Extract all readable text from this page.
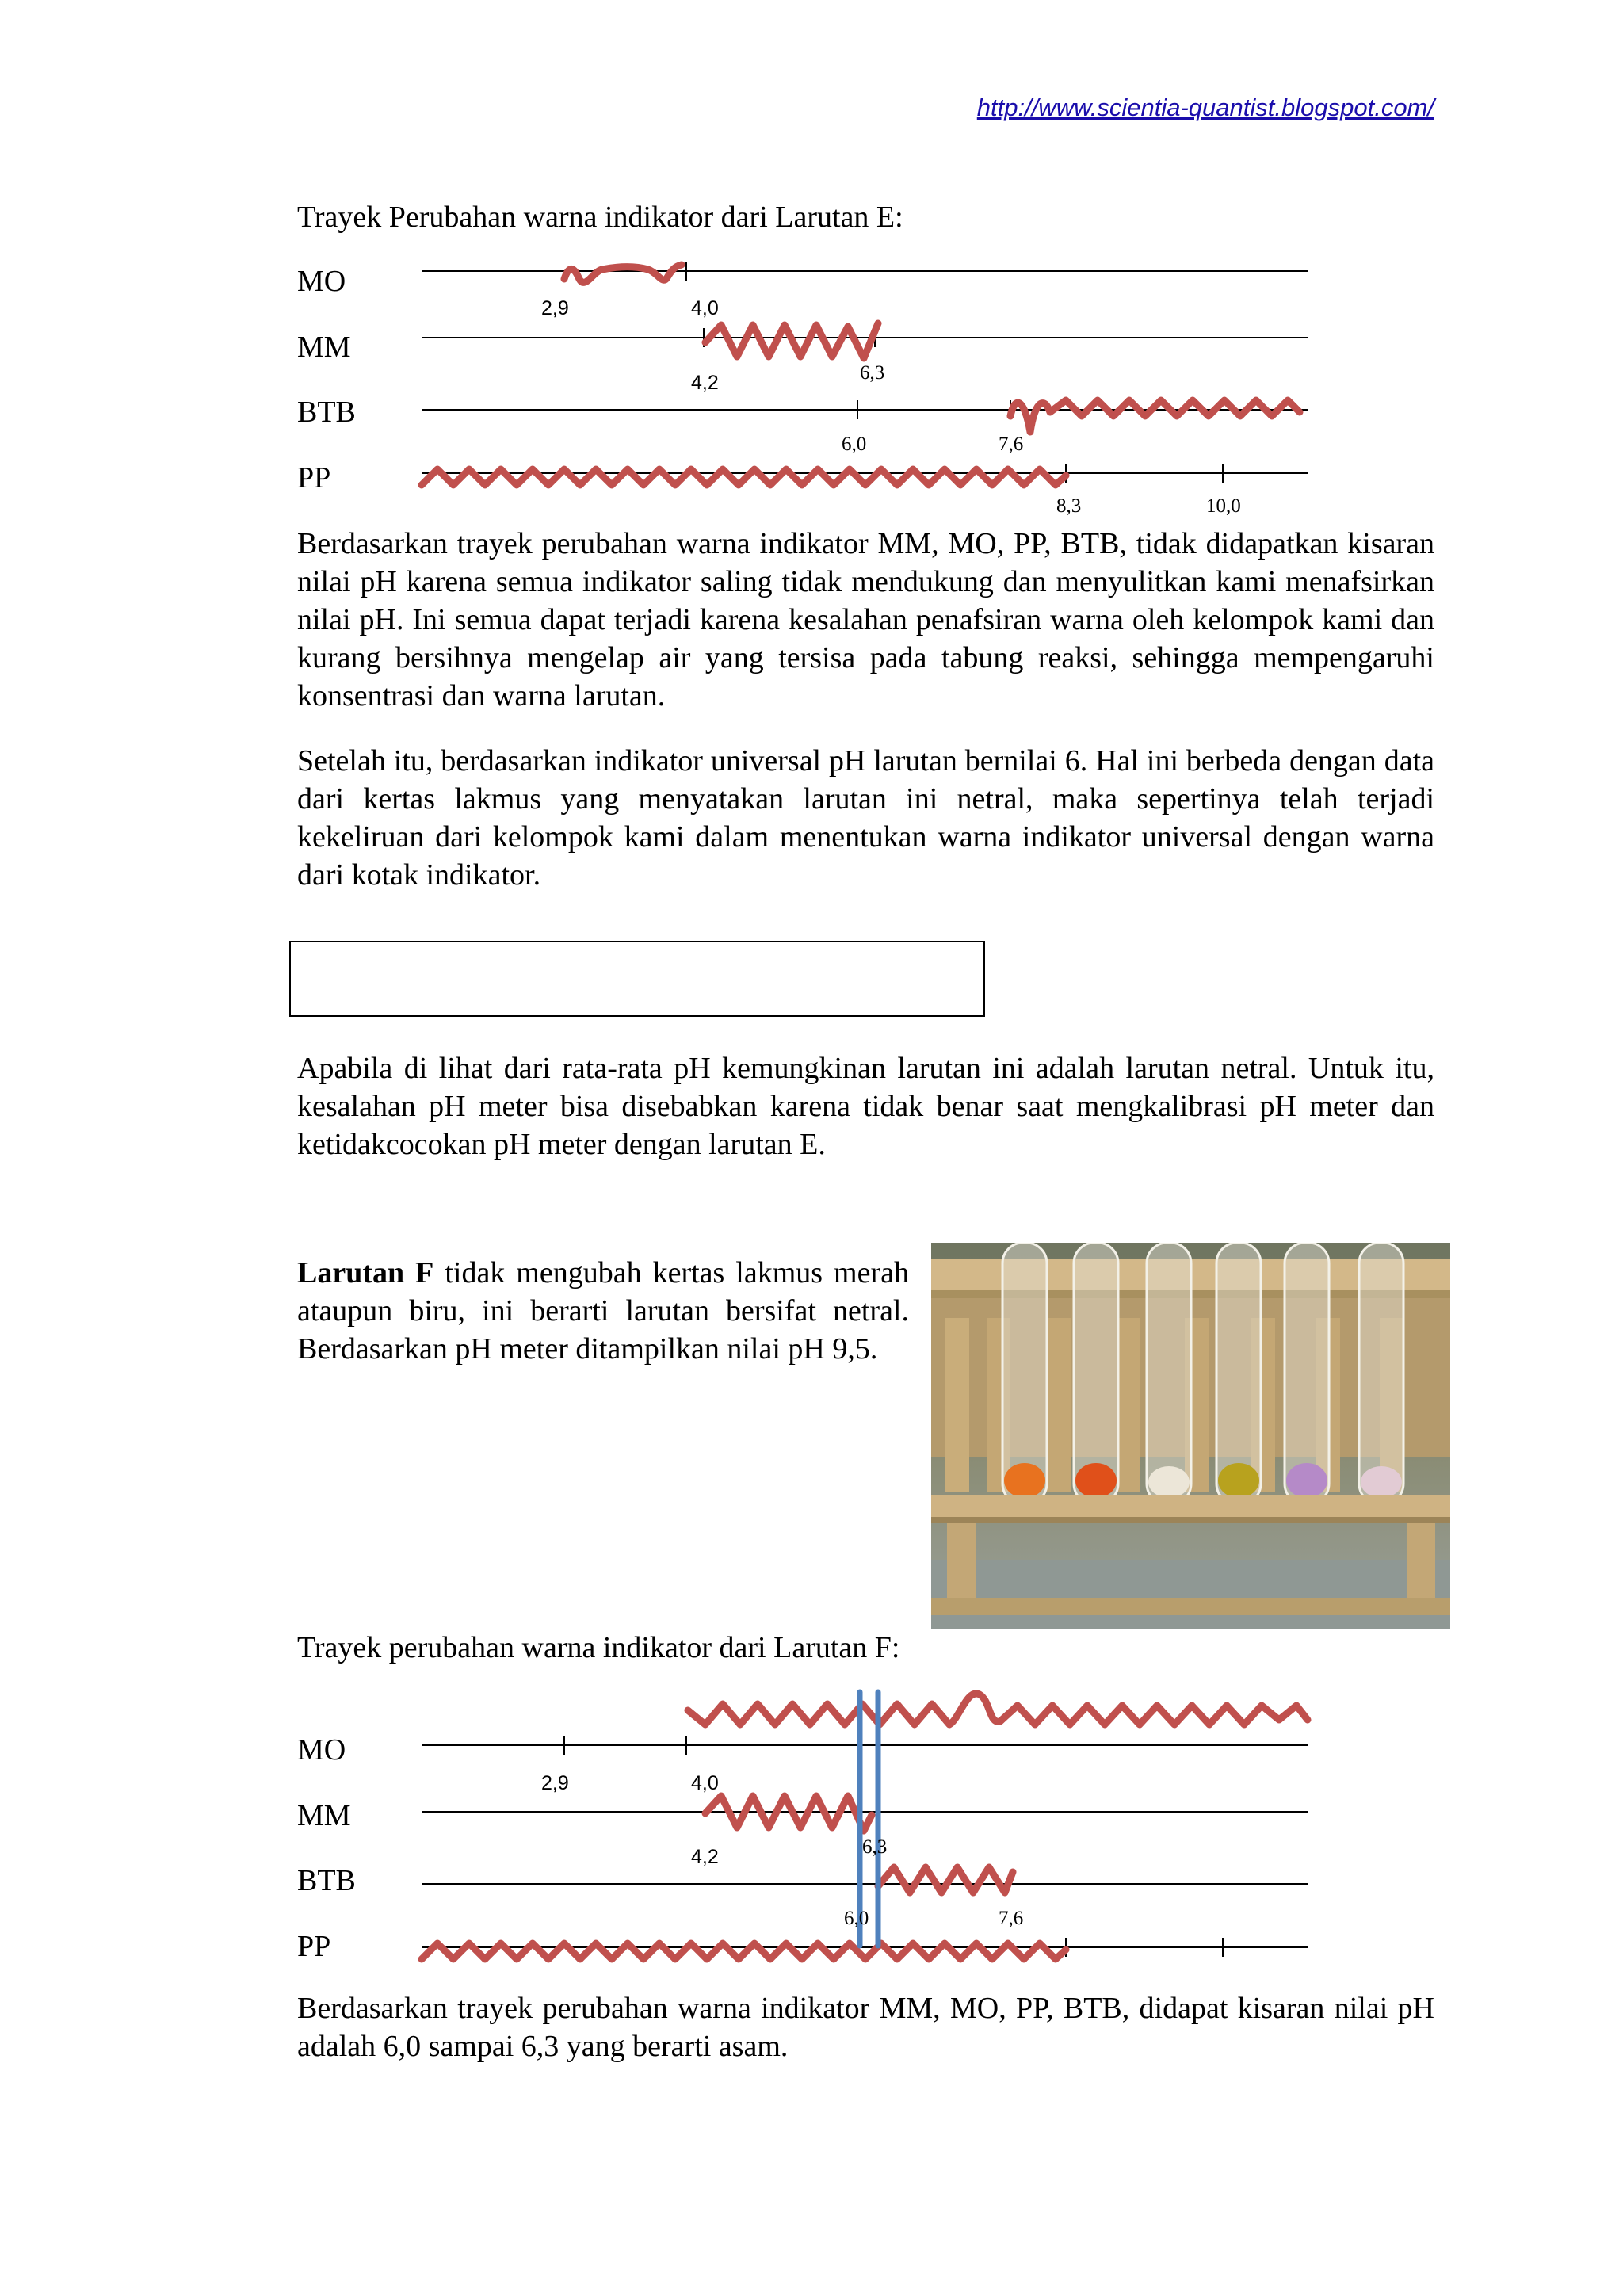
http://www.scientia-quantist.blogspot.com/
Trayek Perubahan warna indikator dari Larutan E:
MO
MM
BTB
PP
2,9	4,0
4,2	6,3
6,0	7,6
8,3	10,0
Berdasarkan trayek perubahan warna indikator MM, MO, PP, BTB, tidak didapatkan kisaran nilai pH karena semua indikator saling tidak mendukung dan menyulitkan kami menafsirkan nilai pH. Ini semua dapat terjadi karena kesalahan penafsiran warna oleh kelompok kami dan kurang bersihnya mengelap air yang tersisa pada tabung reaksi, sehingga mempengaruhi konsentrasi dan warna larutan.
Setelah itu, berdasarkan indikator universal pH larutan bernilai 6. Hal ini berbeda dengan data dari kertas lakmus yang menyatakan larutan ini netral, maka sepertinya telah terjadi kekeliruan dari kelompok kami dalam menentukan warna indikator universal dengan warna dari kotak indikator.
Apabila di lihat dari rata-rata pH kemungkinan larutan ini adalah larutan netral. Untuk itu, kesalahan pH meter bisa disebabkan karena tidak benar saat mengkalibrasi pH meter dan ketidakcocokan pH meter dengan larutan E.
Larutan F tidak mengubah kertas lakmus merah ataupun biru, ini berarti larutan bersifat netral. Berdasarkan pH meter ditampilkan nilai pH 9,5.
Trayek perubahan warna indikator dari Larutan F:
MO
MM
BTB
PP
2,9	4,0
4,2	6,3
6,0	7,6
Berdasarkan trayek perubahan warna indikator MM, MO, PP, BTB, didapat kisaran nilai pH adalah 6,0 sampai 6,3 yang berarti asam.
